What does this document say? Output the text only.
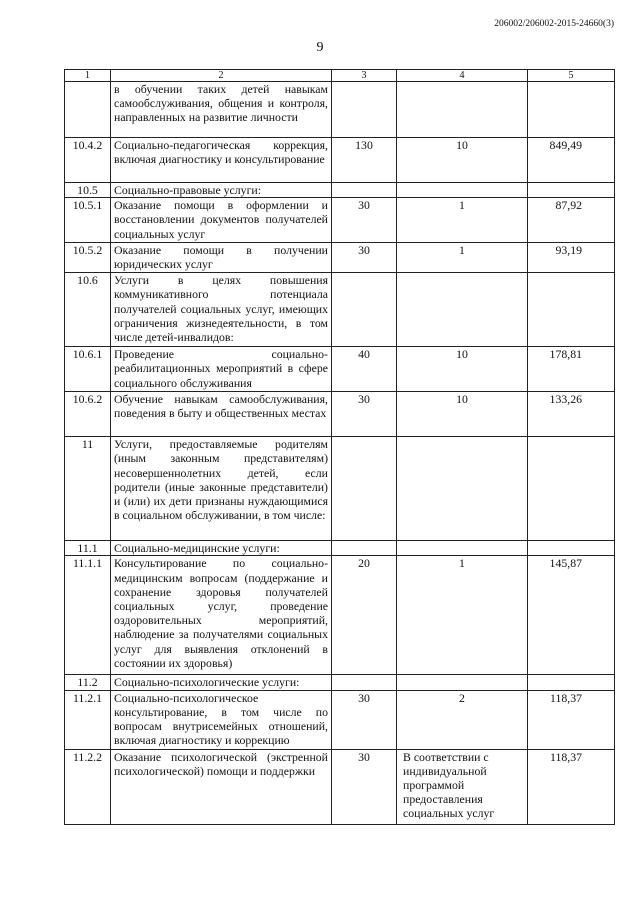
206002/206002-2015-24660(3)
9
1	2	3	4	5
	в обучении таких детей навыкам самообслуживания, общения и контроля, направленных на развитие личности			
10.4.2	Социально-педагогическая коррекция, включая диагностику и консультирование	130	10	849,49
10.5	Социально-правовые услуги:			
10.5.1	Оказание помощи в оформлении и восстановлении документов получателей социальных услуг	30	1	87,92
10.5.2	Оказание помощи в получении юридических услуг	30	1	93,19
10.6	Услуги в целях повышения коммуникативного потенциала получателей социальных услуг, имеющих ограничения жизнедеятельности, в том числе детей-инвалидов:			
10.6.1	Проведение социально-реабилитационных мероприятий в сфере социального обслуживания	40	10	178,81
10.6.2	Обучение навыкам самообслуживания, поведения в быту и общественных местах	30	10	133,26
11	Услуги, предоставляемые родителям (иным законным представителям) несовершеннолетних детей, если родители (иные законные представители) и (или) их дети признаны нуждающимися в социальном обслуживании, в том числе:			
11.1	Социально-медицинские услуги:			
11.1.1	Консультирование по социально-медицинским вопросам (поддержание и сохранение здоровья получателей социальных услуг, проведение оздоровительных мероприятий, наблюдение за получателями социальных услуг для выявления отклонений в состоянии их здоровья)	20	1	145,87
11.2	Социально-психологические услуги:			
11.2.1	Социально-психологическое консультирование, в том числе по вопросам внутрисемейных отношений, включая диагностику и коррекцию	30	2	118,37
11.2.2	Оказание психологической (экстренной психологической) помощи и поддержки	30	В соответствии с индивидуальной программой предоставления социальных услуг	118,37
